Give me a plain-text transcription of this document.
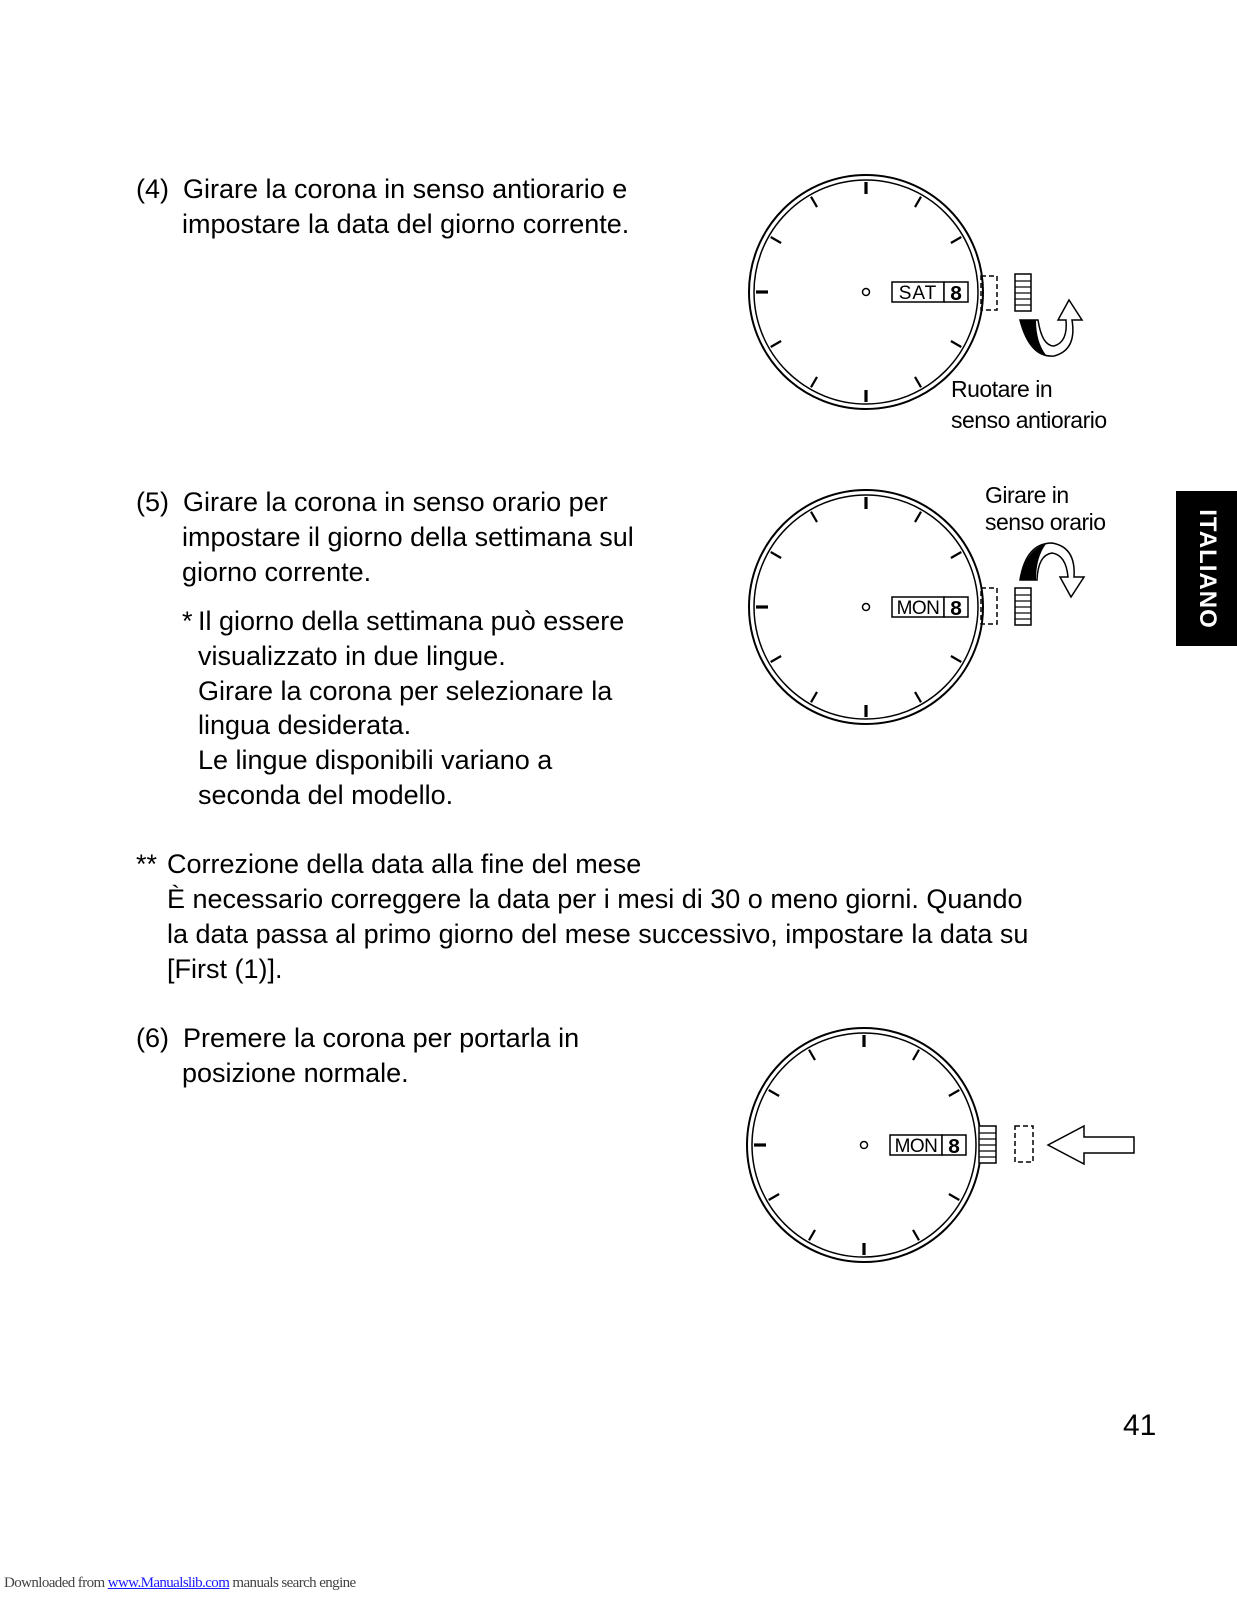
(4) Girare la corona in senso antiorario e
impostare la data del giorno corrente.
(5) Girare la corona in senso orario per
impostare il giorno della settimana sul
giorno corrente.
* Il giorno della settimana può essere
visualizzato in due lingue.
Girare la corona per selezionare la
lingua desiderata.
Le lingue disponibili variano a
seconda del modello.
** Correzione della data alla fine del mese
È necessario correggere la data per i mesi di 30 o meno giorni. Quando
la data passa al primo giorno del mese successivo, impostare la data su
[First (1)].
(6) Premere la corona per portarla in
posizione normale.
SAT 8
Ruotare in
senso antiorario
MON 8
Girare in
senso orario
MON 8
ITALIANO
41
Downloaded from www.Manualslib.com manuals search engine
